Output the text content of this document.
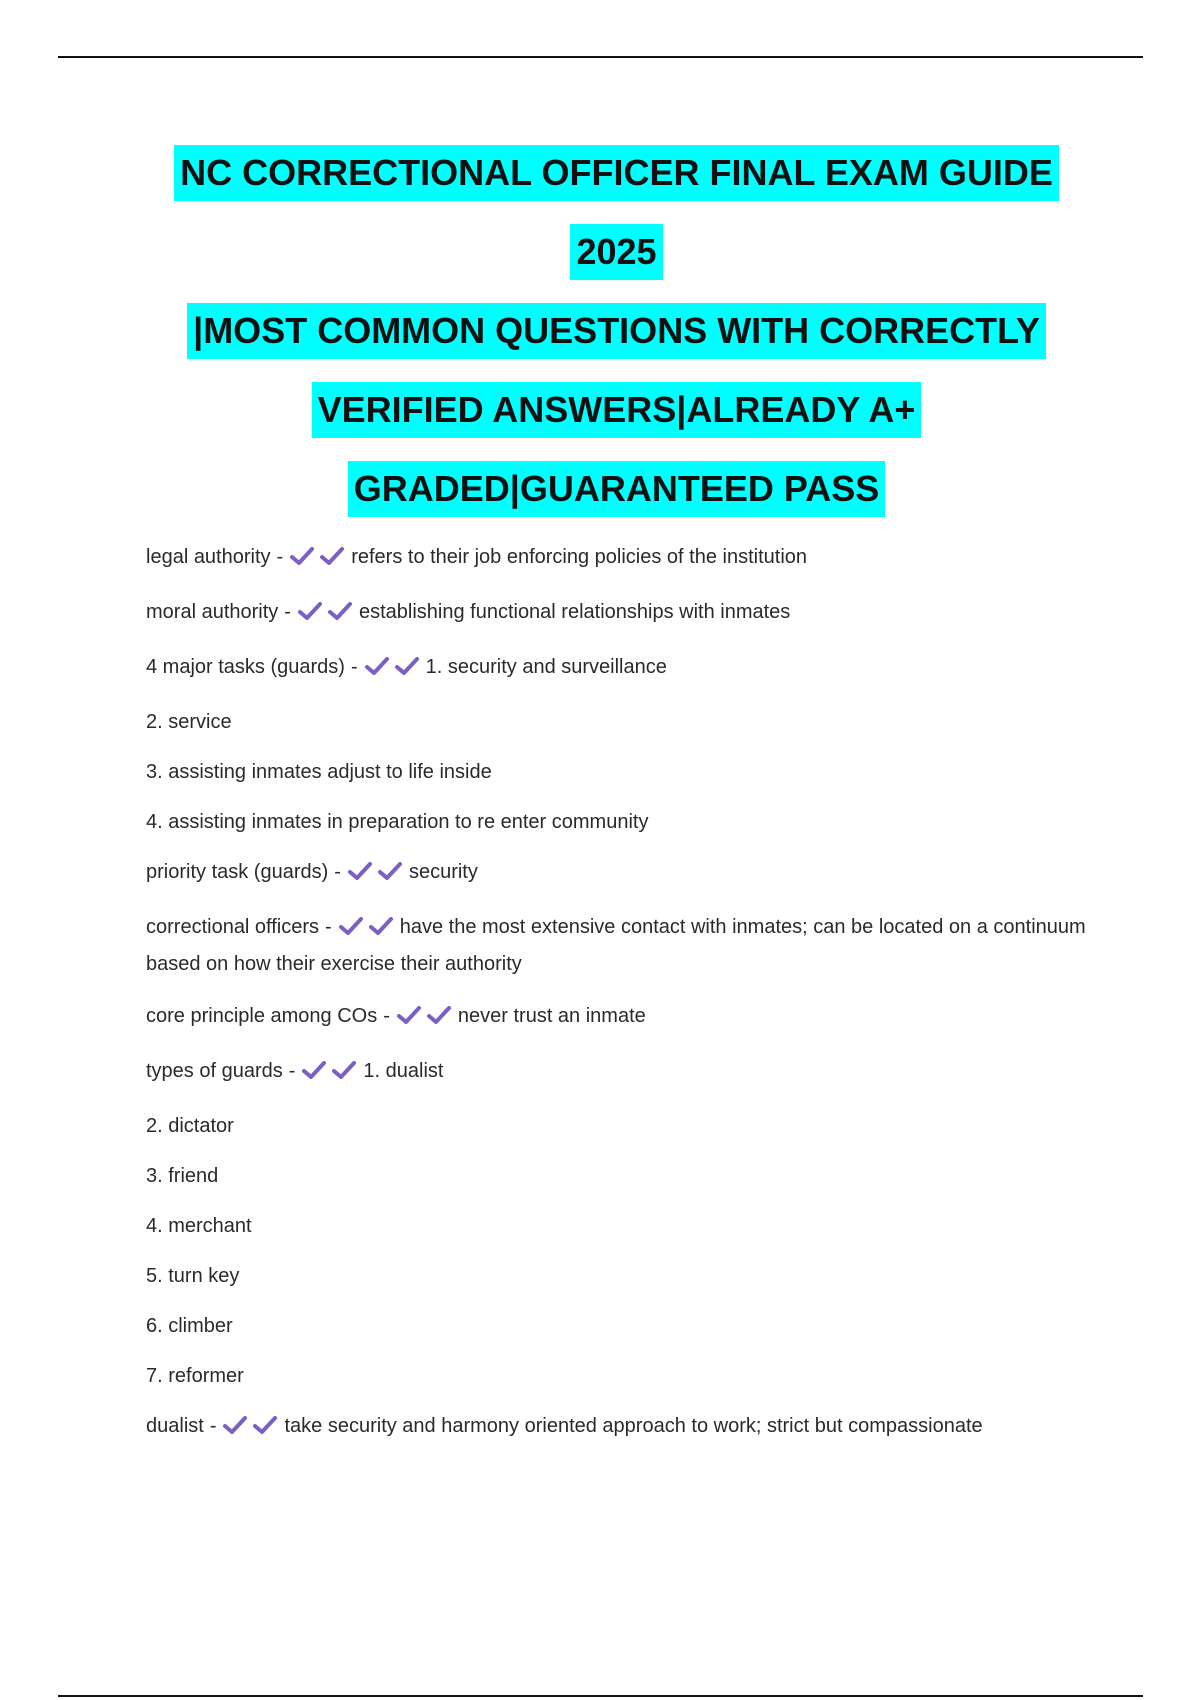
NC CORRECTIONAL OFFICER FINAL EXAM GUIDE
2025
|MOST COMMON QUESTIONS WITH CORRECTLY
VERIFIED ANSWERS|ALREADY A+
GRADED|GUARANTEED PASS
legal authority -	refers to their job enforcing policies of the institution
moral authority -	establishing functional relationships with inmates
4 major tasks (guards) -	1. security and surveillance
2. service
3. assisting inmates adjust to life inside
4. assisting inmates in preparation to re enter community
priority task (guards) -	security
correctional officers -	have the most extensive contact with inmates; can be located on a continuum based on how their exercise their authority
core principle among COs -	never trust an inmate
types of guards -	1. dualist
2. dictator
3. friend
4. merchant
5. turn key
6. climber
7. reformer
dualist -	take security and harmony oriented approach to work; strict but compassionate
